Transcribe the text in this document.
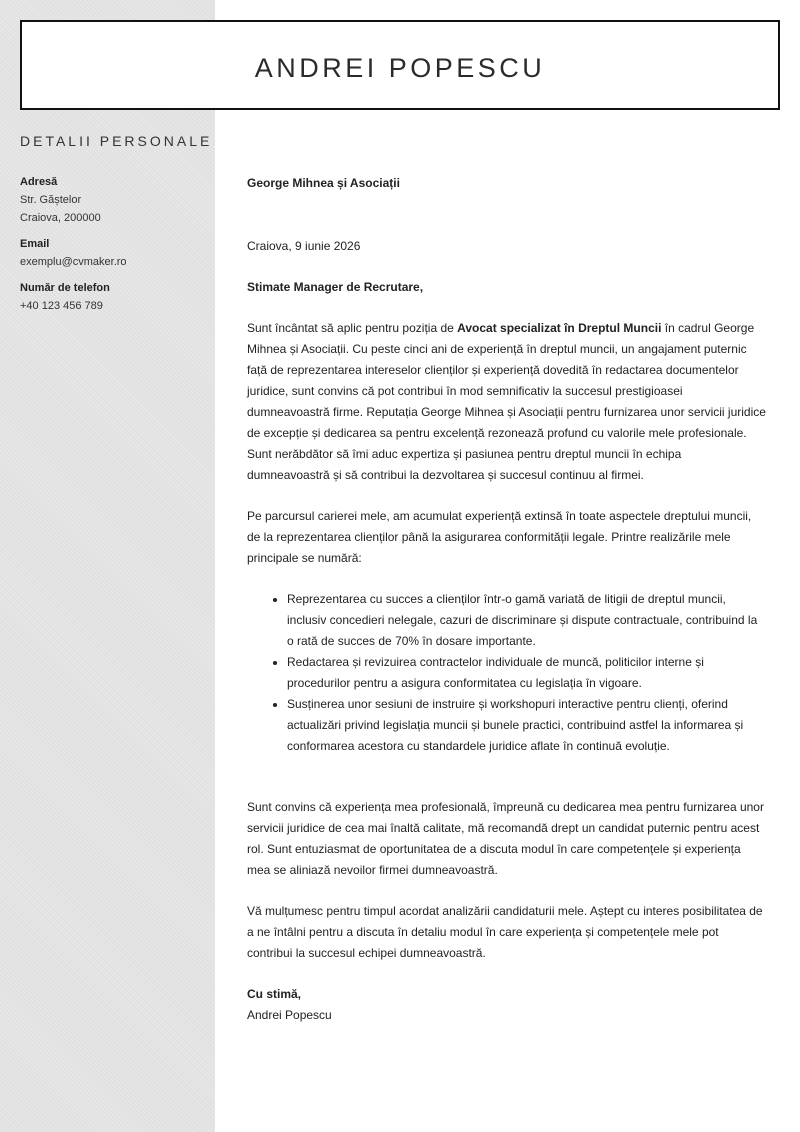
ANDREI POPESCU
DETALII PERSONALE
Adresă
Str. Găștelor
Craiova, 200000
Email
exemplu@cvmaker.ro
Număr de telefon
+40 123 456 789

George Mihnea și Asociații

Craiova, 9 iunie 2026

Stimate Manager de Recrutare,

Sunt încântat să aplic pentru poziția de Avocat specializat în Dreptul Muncii în cadrul George Mihnea și Asociații. Cu peste cinci ani de experiență în dreptul muncii, un angajament puternic față de reprezentarea intereselor clienților și experiență dovedită în redactarea documentelor juridice, sunt convins că pot contribui în mod semnificativ la succesul prestigioasei dumneavoastră firme. Reputația George Mihnea și Asociații pentru furnizarea unor servicii juridice de excepție și dedicarea sa pentru excelență rezonează profund cu valorile mele profesionale. Sunt nerăbdător să îmi aduc expertiza și pasiunea pentru dreptul muncii în echipa dumneavoastră și să contribui la dezvoltarea și succesul continuu al firmei.

Pe parcursul carierei mele, am acumulat experiență extinsă în toate aspectele dreptului muncii, de la reprezentarea clienților până la asigurarea conformității legale. Printre realizările mele principale se numără:

• Reprezentarea cu succes a clienților într-o gamă variată de litigii de dreptul muncii, inclusiv concedieri nelegale, cazuri de discriminare și dispute contractuale, contribuind la o rată de succes de 70% în dosare importante.
• Redactarea și revizuirea contractelor individuale de muncă, politicilor interne și procedurilor pentru a asigura conformitatea cu legislația în vigoare.
• Susținerea unor sesiuni de instruire și workshopuri interactive pentru clienți, oferind actualizări privind legislația muncii și bunele practici, contribuind astfel la informarea și conformarea acestora cu standardele juridice aflate în continuă evoluție.

Sunt convins că experiența mea profesională, împreună cu dedicarea mea pentru furnizarea unor servicii juridice de cea mai înaltă calitate, mă recomandă drept un candidat puternic pentru acest rol. Sunt entuziasmat de oportunitatea de a discuta modul în care competențele și experiența mea se aliniază nevoilor firmei dumneavoastră.

Vă mulțumesc pentru timpul acordat analizării candidaturii mele. Aștept cu interes posibilitatea de a ne întâlni pentru a discuta în detaliu modul în care experiența și competențele mele pot contribui la succesul echipei dumneavoastră.

Cu stimă,

Andrei Popescu
